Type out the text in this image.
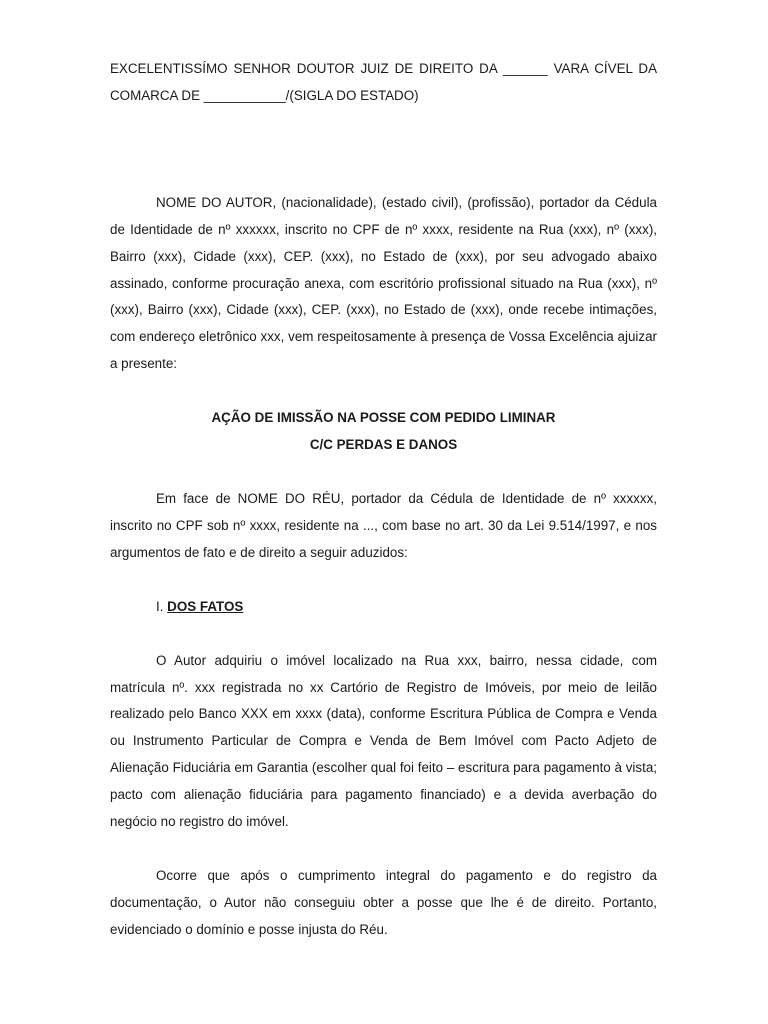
EXCELENTISSÍMO SENHOR DOUTOR JUIZ DE DIREITO DA ______ VARA CÍVEL DA COMARCA DE ___________/(SIGLA DO ESTADO)

NOME DO AUTOR, (nacionalidade), (estado civil), (profissão), portador da Cédula de Identidade de nº xxxxxx, inscrito no CPF de nº xxxx, residente na Rua (xxx), nº (xxx), Bairro (xxx), Cidade (xxx), CEP. (xxx), no Estado de (xxx), por seu advogado abaixo assinado, conforme procuração anexa, com escritório profissional situado na Rua (xxx), nº (xxx), Bairro (xxx), Cidade (xxx), CEP. (xxx), no Estado de (xxx), onde recebe intimações, com endereço eletrônico xxx, vem respeitosamente à presença de Vossa Excelência ajuizar a presente:

AÇÃO DE IMISSÃO NA POSSE COM PEDIDO LIMINAR

C/C PERDAS E DANOS

Em face de NOME DO RÉU, portador da Cédula de Identidade de nº xxxxxx, inscrito no CPF sob nº xxxx, residente na ..., com base no art. 30 da Lei 9.514/1997, e nos argumentos de fato e de direito a seguir aduzidos:

I. DOS FATOS

O Autor adquiriu o imóvel localizado na Rua xxx, bairro, nessa cidade, com matrícula nº. xxx registrada no xx Cartório de Registro de Imóveis, por meio de leilão realizado pelo Banco XXX em xxxx (data), conforme Escritura Pública de Compra e Venda ou Instrumento Particular de Compra e Venda de Bem Imóvel com Pacto Adjeto de Alienação Fiduciária em Garantia (escolher qual foi feito – escritura para pagamento à vista; pacto com alienação fiduciária para pagamento financiado) e a devida averbação do negócio no registro do imóvel.

Ocorre que após o cumprimento integral do pagamento e do registro da documentação, o Autor não conseguiu obter a posse que lhe é de direito. Portanto, evidenciado o domínio e posse injusta do Réu.
